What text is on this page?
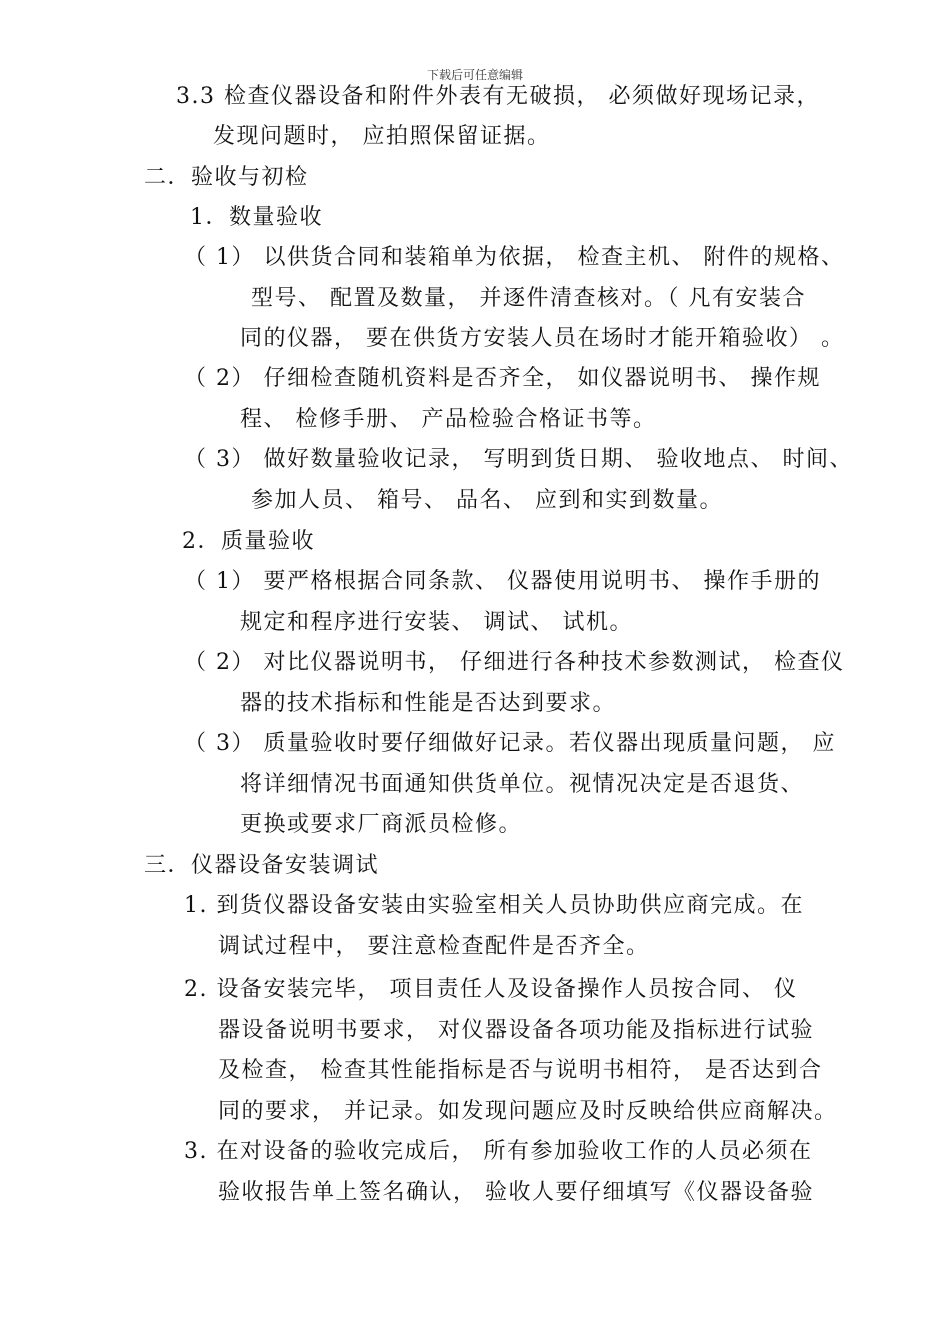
下载后可任意编辑
3.3 检查仪器设备和附件外表有无破损， 必须做好现场记录，
发现问题时， 应拍照保留证据。
二．验收与初检
1．数量验收
（ 1） 以供货合同和装箱单为依据， 检查主机、 附件的规格、
型号、 配置及数量， 并逐件清查核对。（ 凡有安装合
同的仪器， 要在供货方安装人员在场时才能开箱验收） 。
（ 2） 仔细检查随机资料是否齐全， 如仪器说明书、 操作规
程、 检修手册、 产品检验合格证书等。
（ 3） 做好数量验收记录， 写明到货日期、 验收地点、 时间、
参加人员、 箱号、 品名、 应到和实到数量。
2．质量验收
（ 1） 要严格根据合同条款、 仪器使用说明书、 操作手册的
规定和程序进行安装、 调试、 试机。
（ 2） 对比仪器说明书， 仔细进行各种技术参数测试， 检查仪
器的技术指标和性能是否达到要求。
（ 3） 质量验收时要仔细做好记录。若仪器出现质量问题， 应
将详细情况书面通知供货单位。视情况决定是否退货、
更换或要求厂商派员检修。
三．仪器设备安装调试
1. 到货仪器设备安装由实验室相关人员协助供应商完成。在
调试过程中， 要注意检查配件是否齐全。
2. 设备安装完毕， 项目责任人及设备操作人员按合同、 仪
器设备说明书要求， 对仪器设备各项功能及指标进行试验
及检查， 检查其性能指标是否与说明书相符， 是否达到合
同的要求， 并记录。如发现问题应及时反映给供应商解决。
3. 在对设备的验收完成后， 所有参加验收工作的人员必须在
验收报告单上签名确认， 验收人要仔细填写《仪器设备验
